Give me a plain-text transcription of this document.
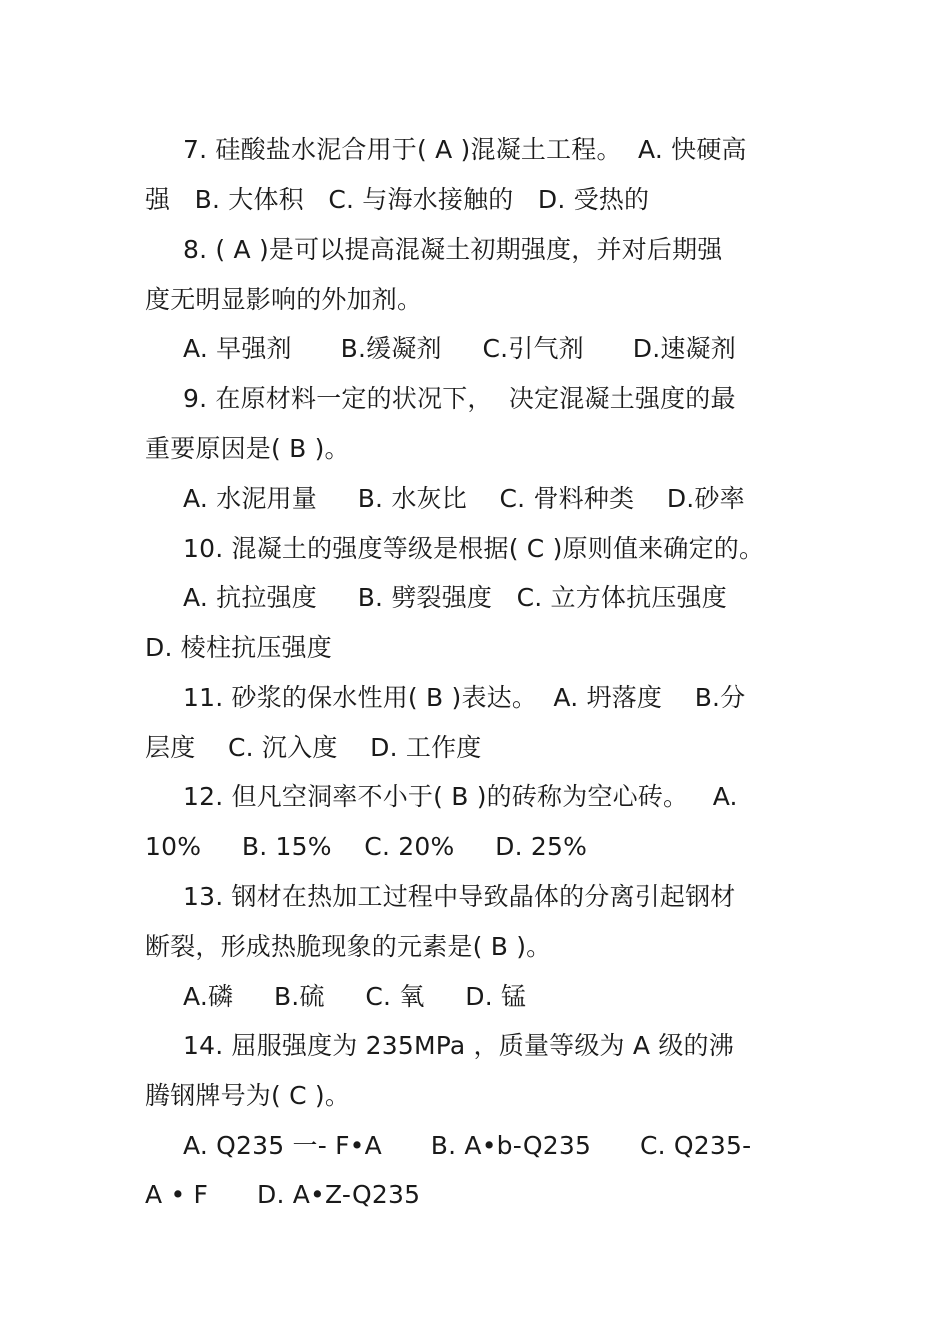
7. 硅酸盐水泥合用于( A )混凝土工程。  A. 快硬高
强   B. 大体积   C. 与海水接触的   D. 受热的
8. ( A )是可以提高混凝土初期强度，并对后期强
度无明显影响的外加剂。
A. 早强剂      B.缓凝剂     C.引气剂      D.速凝剂
9. 在原材料一定的状况下，  决定混凝土强度的最
重要原因是( B )。
A. 水泥用量     B. 水灰比    C. 骨料种类    D.砂率
10. 混凝土的强度等级是根据( C )原则值来确定的。
A. 抗拉强度     B. 劈裂强度   C. 立方体抗压强度
D. 棱柱抗压强度
11. 砂浆的保水性用( B )表达。  A. 坍落度    B.分
层度    C. 沉入度    D. 工作度
12. 但凡空洞率不小于( B )的砖称为空心砖。   A.
10%     B. 15%    C. 20%     D. 25%
13. 钢材在热加工过程中导致晶体的分离引起钢材
断裂，形成热脆现象的元素是( B )。
A.磷     B.硫     C. 氧     D. 锰
14. 屈服强度为 235MPa ，质量等级为 A 级的沸
腾钢牌号为( C )。
A. Q235 一- F•A      B. A•b-Q235      C. Q235-
A • F      D. A•Z-Q235
